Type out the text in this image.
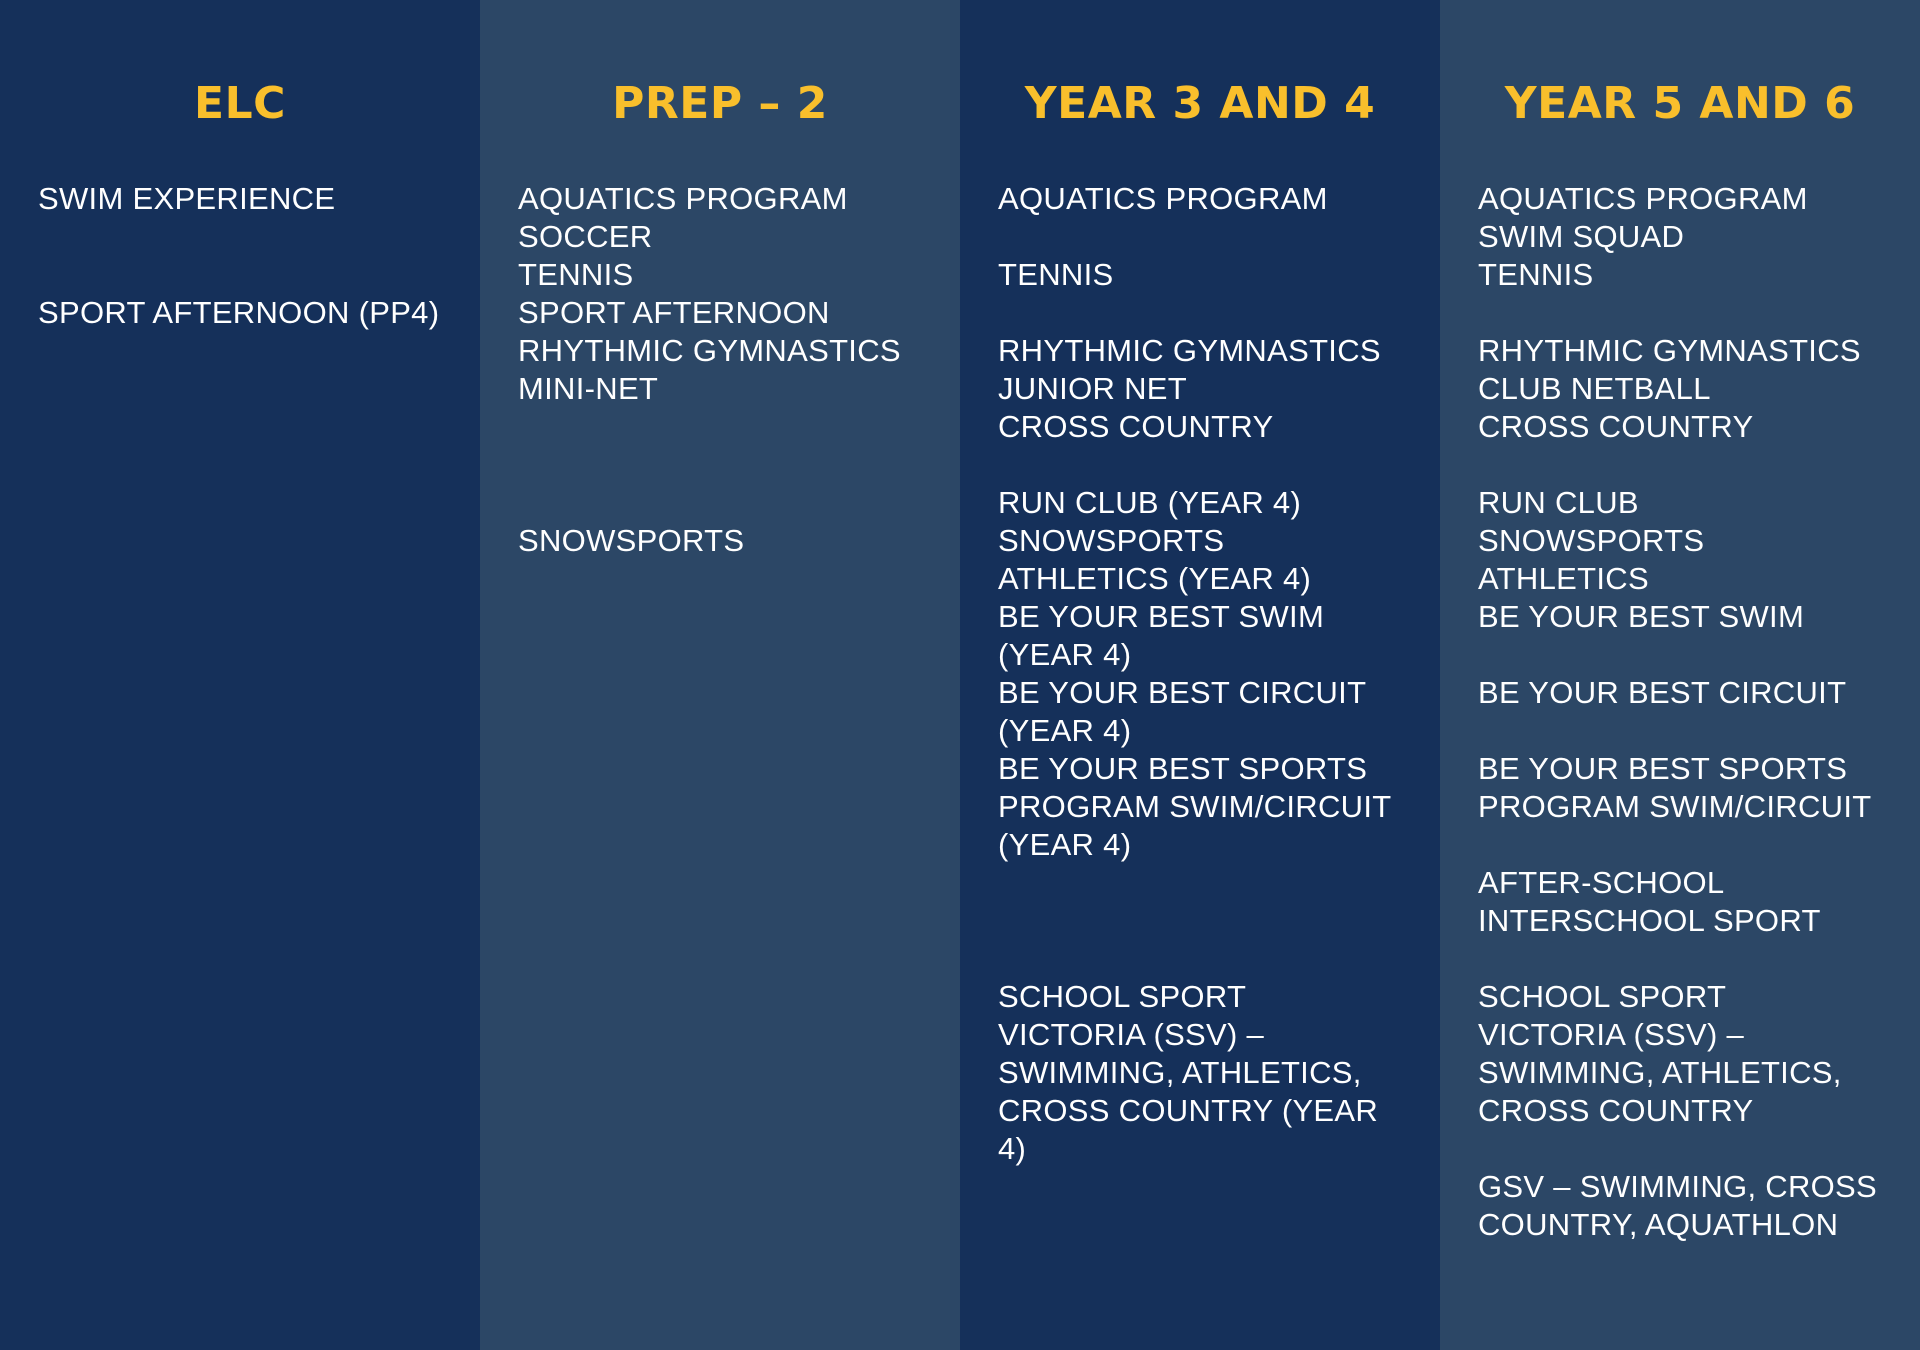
ELC
SWIM EXPERIENCE
SPORT AFTERNOON (PP4)
PREP – 2
AQUATICS PROGRAM
SOCCER
TENNIS
SPORT AFTERNOON
RHYTHMIC GYMNASTICS
MINI-NET
SNOWSPORTS
YEAR 3 AND 4
AQUATICS PROGRAM
TENNIS
RHYTHMIC GYMNASTICS
JUNIOR NET
CROSS COUNTRY
RUN CLUB (YEAR 4)
SNOWSPORTS
ATHLETICS (YEAR 4)
BE YOUR BEST SWIM
(YEAR 4)
BE YOUR BEST CIRCUIT
(YEAR 4)
BE YOUR BEST SPORTS
PROGRAM SWIM/CIRCUIT
(YEAR 4)
SCHOOL SPORT
VICTORIA (SSV) –
SWIMMING, ATHLETICS,
CROSS COUNTRY (YEAR
4)
YEAR 5 AND 6
AQUATICS PROGRAM
SWIM SQUAD
TENNIS
RHYTHMIC GYMNASTICS
CLUB NETBALL
CROSS COUNTRY
RUN CLUB
SNOWSPORTS
ATHLETICS
BE YOUR BEST SWIM
BE YOUR BEST CIRCUIT
BE YOUR BEST SPORTS
PROGRAM SWIM/CIRCUIT
AFTER-SCHOOL
INTERSCHOOL SPORT
SCHOOL SPORT
VICTORIA (SSV) –
SWIMMING, ATHLETICS,
CROSS COUNTRY
GSV – SWIMMING, CROSS
COUNTRY, AQUATHLON
